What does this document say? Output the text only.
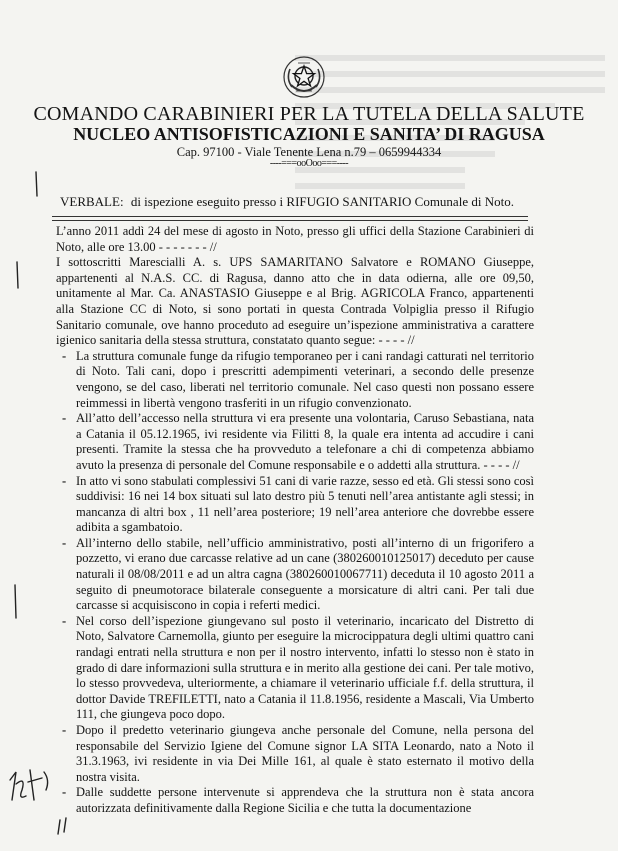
COMANDO CARABINIERI PER LA TUTELA DELLA SALUTE
NUCLEO ANTISOFISTICAZIONI E SANITA’ DI RAGUSA
Cap. 97100 - Viale Tenente Lena n.79 – 0659944334
----===ooOoo===----
VERBALE: di ispezione eseguito presso i RIFUGIO SANITARIO Comunale di Noto.

L’anno 2011 addì 24 del mese di agosto in Noto, presso gli uffici della Stazione Carabinieri di Noto, alle ore 13.00 - - - - - - - //

I sottoscritti Marescialli A. s. UPS SAMARITANO Salvatore e ROMANO Giuseppe, appartenenti al N.A.S. CC. di Ragusa, danno atto che in data odierna, alle ore 09,50, unitamente al Mar. Ca. ANASTASIO Giuseppe e al Brig. AGRICOLA Franco, appartenenti alla Stazione CC di Noto, si sono portati in questa Contrada Volpiglia presso il Rifugio Sanitario comunale, ove hanno proceduto ad eseguire un’ispezione amministrativa a carattere igienico sanitaria della stessa struttura, constatato quanto segue: - - - - //

- La struttura comunale funge da rifugio temporaneo per i cani randagi catturati nel territorio di Noto. Tali cani, dopo i prescritti adempimenti veterinari, a secondo delle presenze vengono, se del caso, liberati nel territorio comunale. Nel caso questi non possano essere reimmessi in libertà vengono trasferiti in un rifugio convenzionato.
- All’atto dell’accesso nella struttura vi era presente una volontaria, Caruso Sebastiana, nata a Catania il 05.12.1965, ivi residente via Filitti 8, la quale era intenta ad accudire i cani presenti. Tramite la stessa che ha provveduto a telefonare a chi di competenza abbiamo avuto la presenza di personale del Comune responsabile e o addetti alla struttura. - - - - //
- In atto vi sono stabulati complessivi 51 cani di varie razze, sesso ed età. Gli stessi sono così suddivisi: 16 nei 14 box situati sul lato destro più 5 tenuti nell’area antistante agli stessi; in mancanza di altri box , 11 nell’area posteriore; 19 nell’area anteriore che dovrebbe essere adibita a sgambatoio.
- All’interno dello stabile, nell’ufficio amministrativo, posti all’interno di un frigorifero a pozzetto, vi erano due carcasse relative ad un cane (380260010125017) deceduto per cause naturali il 08/08/2011 e ad un altra cagna (380260010067711) deceduta il 10 agosto 2011 a seguito di pneumotorace bilaterale conseguente a morsicature di altri cani. Per tali due carcasse si acquisiscono in copia i referti medici.
- Nel corso dell’ispezione giungevano sul posto il veterinario, incaricato del Distretto di Noto, Salvatore Carnemolla, giunto per eseguire la microcippatura degli ultimi quattro cani randagi entrati nella struttura e non per il nostro intervento, infatti lo stesso non è stato in grado di dare informazioni sulla struttura e in merito alla gestione dei cani. Per tale motivo, lo stesso provvedeva, ulteriormente, a chiamare il veterinario ufficiale f.f. della struttura, il dottor Davide TREFILETTI, nato a Catania il 11.8.1956, residente a Mascali, Via Umberto 111, che giungeva poco dopo.
- Dopo il predetto veterinario giungeva anche personale del Comune, nella persona del responsabile del Servizio Igiene del Comune signor LA SITA Leonardo, nato a Noto il 31.3.1963, ivi residente in via Dei Mille 161, al quale è stato esternato il motivo della nostra visita.
- Dalle suddette persone intervenute si apprendeva che la struttura non è stata ancora autorizzata definitivamente dalla Regione Sicilia e che tutta la documentazione
